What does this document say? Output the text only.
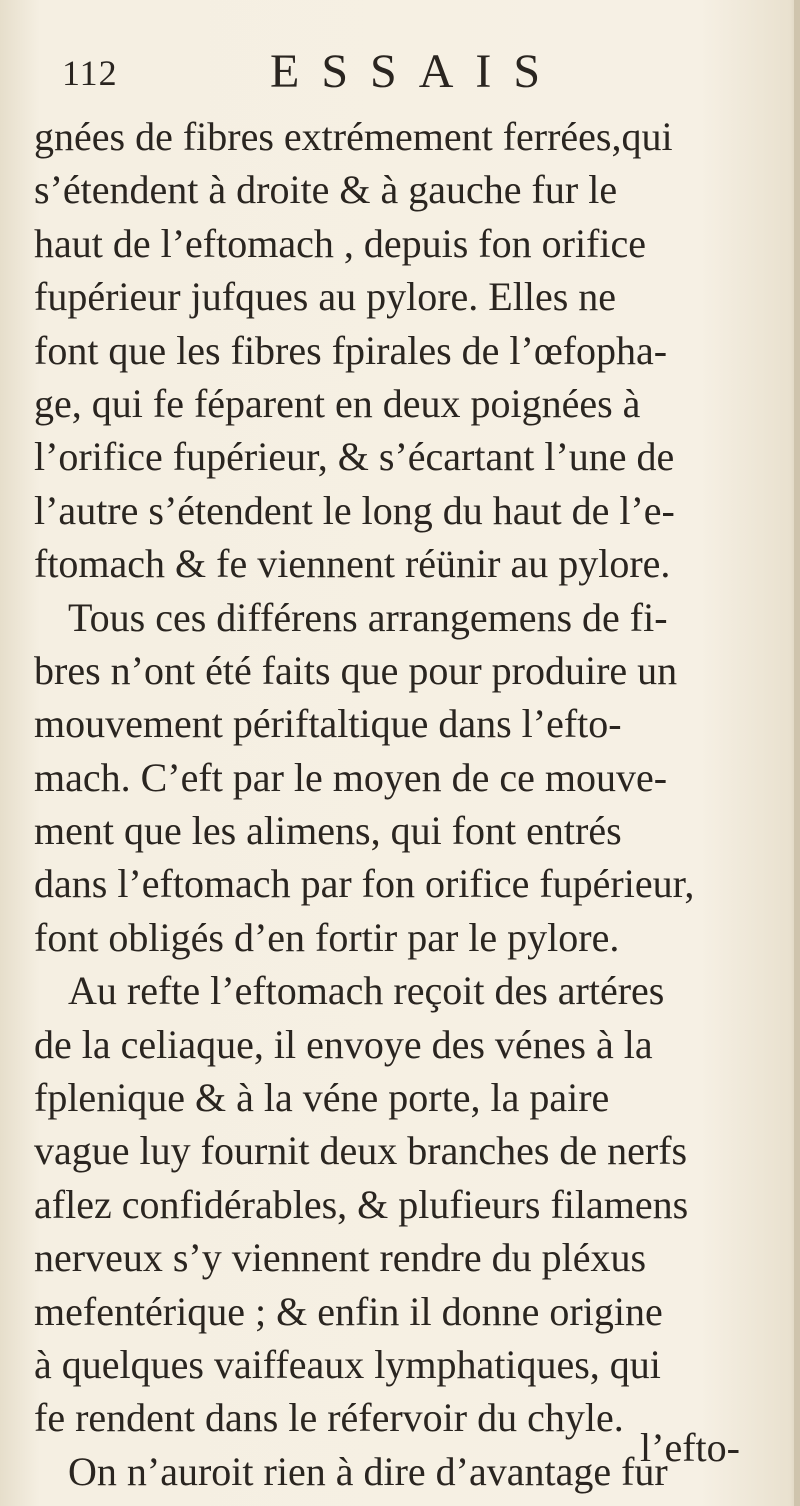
112	ESSAIS
gnées de fibres extrémement ferrées,qui
s’étendent à droite & à gauche fur le
haut de l’eftomach , depuis fon orifice
fupérieur jufques au pylore. Elles ne
font que les fibres fpirales de l’œfopha-
ge, qui fe féparent en deux poignées à
l’orifice fupérieur, & s’écartant l’une de
l’autre s’étendent le long du haut de l’e-
ftomach & fe viennent réünir au pylore.
Tous ces différens arrangemens de fi-
bres n’ont été faits que pour produire un
mouvement périftaltique dans l’efto-
mach. C’eft par le moyen de ce mouve-
ment que les alimens, qui font entrés
dans l’eftomach par fon orifice fupérieur,
font obligés d’en fortir par le pylore.
Au refte l’eftomach reçoit des artéres
de la celiaque, il envoye des vénes à la
fplenique & à la véne porte, la paire
vague luy fournit deux branches de nerfs
aflez confidérables, & plufieurs filamens
nerveux s’y viennent rendre du pléxus
mefentérique ; & enfin il donne origine
à quelques vaiffeaux lymphatiques, qui
fe rendent dans le réfervoir du chyle.
On n’auroit rien à dire d’avantage fur
l’efto-
